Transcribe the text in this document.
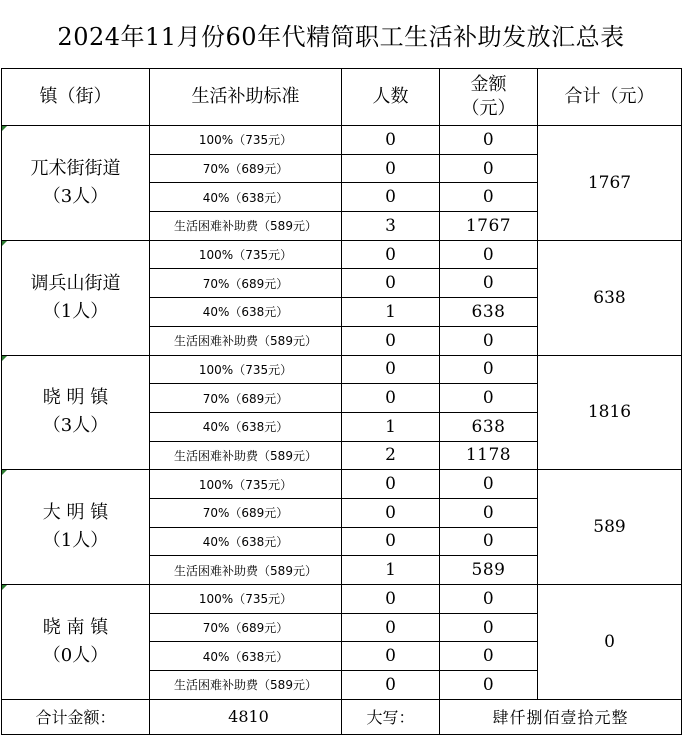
2024年11月份60年代精简职工生活补助发放汇总表
镇（街）	生活补助标准	人数	金额
（元）	合计（元）

兀术街街道
（3人）	100%（735元）	0	0	1767
	70%（689元）	0	0	
	40%（638元）	0	0	
	生活困难补助费（589元）	3	1767	

调兵山街道
（1人）	100%（735元）	0	0	638
	70%（689元）	0	0	
	40%（638元）	1	638	
	生活困难补助费（589元）	0	0	

晓 明 镇
（3人）	100%（735元）	0	0	1816
	70%（689元）	0	0	
	40%（638元）	1	638	
	生活困难补助费（589元）	2	1178	

大 明 镇
（1人）	100%（735元）	0	0	589
	70%（689元）	0	0	
	40%（638元）	0	0	
	生活困难补助费（589元）	1	589	

晓 南 镇
（0人）	100%（735元）	0	0	0
	70%（689元）	0	0	
	40%（638元）	0	0	
	生活困难补助费（589元）	0	0	
合计金额：	4810	大写：	肆仟捌佰壹拾元整	
